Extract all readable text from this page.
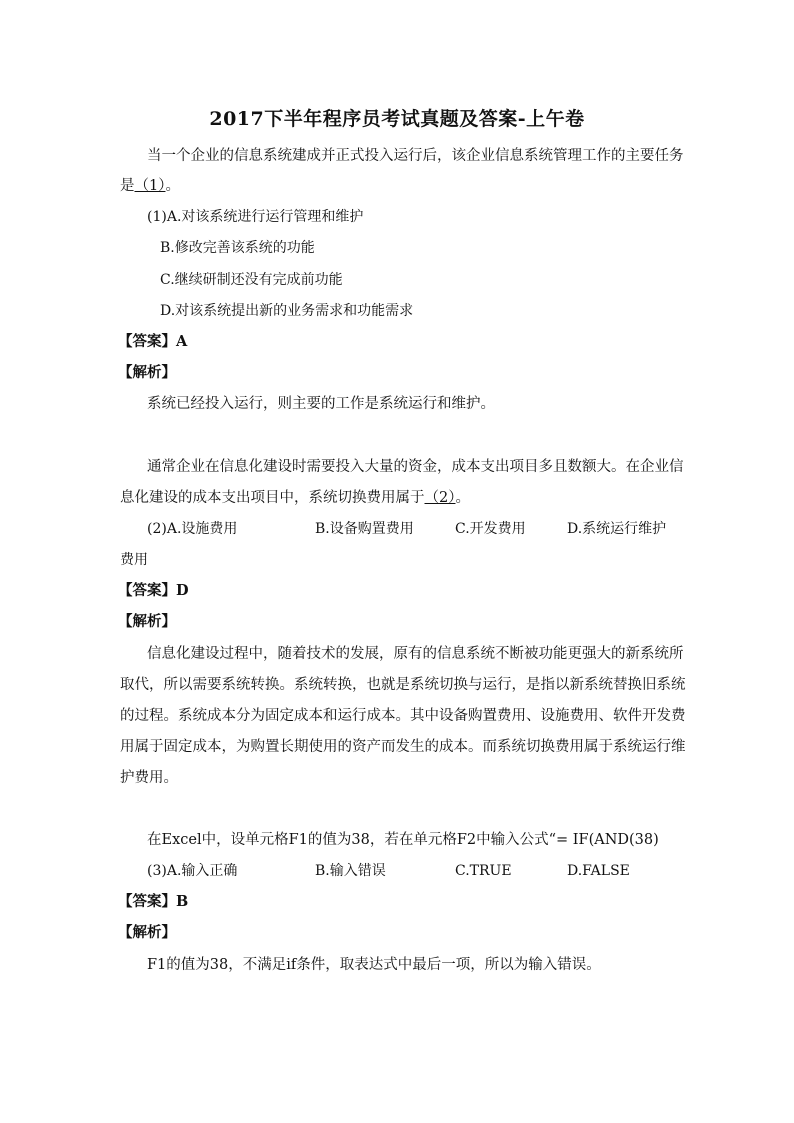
2017下半年程序员考试真题及答案-上午卷
当一个企业的信息系统建成并正式投入运行后，该企业信息系统管理工作的主要任务
是（1）。
(1)A.对该系统进行运行管理和维护
B.修改完善该系统的功能
C.继续研制还没有完成前功能
D.对该系统提出新的业务需求和功能需求
【答案】A
【解析】
系统已经投入运行，则主要的工作是系统运行和维护。
通常企业在信息化建设时需要投入大量的资金，成本支出项目多且数额大。在企业信
息化建设的成本支出项目中，系统切换费用属于（2）。
(2)A.设施费用	B.设备购置费用	C.开发费用	D.系统运行维护
费用
【答案】D
【解析】
信息化建设过程中，随着技术的发展，原有的信息系统不断被功能更强大的新系统所
取代，所以需要系统转换。系统转换，也就是系统切换与运行，是指以新系统替换旧系统
的过程。系统成本分为固定成本和运行成本。其中设备购置费用、设施费用、软件开发费
用属于固定成本，为购置长期使用的资产而发生的成本。而系统切换费用属于系统运行维
护费用。
在Excel中，设单元格F1的值为38，若在单元格F2中输入公式“= IF(AND(38)
(3)A.输入正确	B.输入错误	C.TRUE	D.FALSE
【答案】B
【解析】
F1的值为38，不满足if条件，取表达式中最后一项，所以为输入错误。
